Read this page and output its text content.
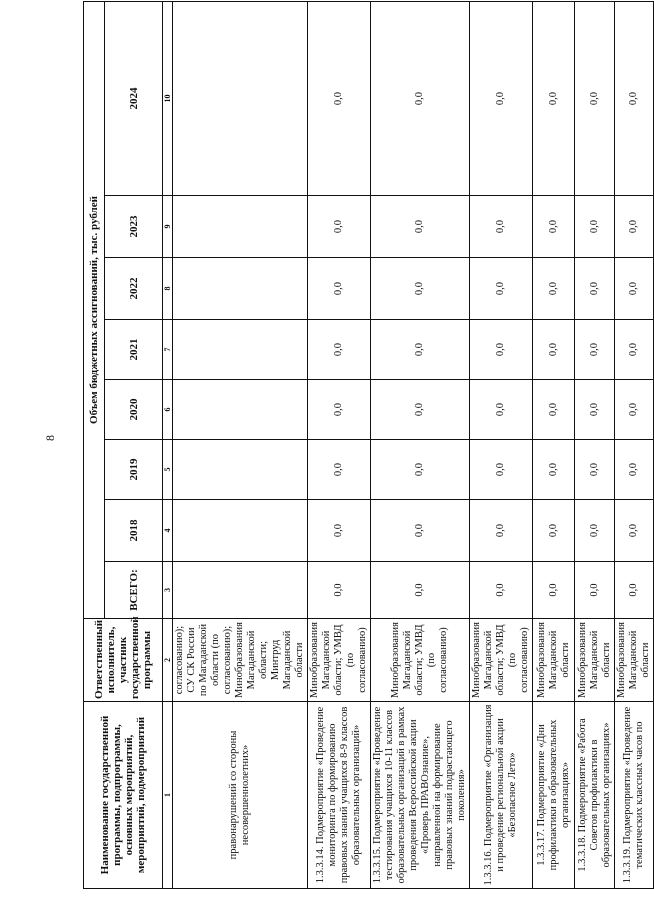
8
Наименование государственной программы, подпрограммы, основных мероприятий, мероприятий, подмероприятий	Ответственный исполнитель, участник государственной программы	Объем бюджетных ассигнований, тыс. рублей							
		ВСЕГО:	2018	2019	2020	2021	2022	2023	2024
1	2	3	4	5	6	7	8	9	10
правонарушений со стороны несовершеннолетних»	согласованию); СУ СК России по Магаданской области (по согласованию); Минобразования Магаданской области; Минтруд Магаданской области								
1.3.3.14. Подмероприятие «Проведение мониторинга по формированию правовых знаний учащихся 8-9 классов образовательных организаций»	Минобразования Магаданской области; УМВД (по согласованию)	0,0	0,0	0,0	0,0	0,0	0,0	0,0	0,0
1.3.3.15. Подмероприятие «Проведение тестирования учащихся 10-11 классов образовательных организаций в рамках проведения Всероссийской акции «Проверь ПРАВОзнание», направленной на формирование правовых знаний подрастающего поколения»	Минобразования Магаданской области; УМВД (по согласованию)	0,0	0,0	0,0	0,0	0,0	0,0	0,0	0,0
1.3.3.16. Подмероприятие «Организация и проведение региональной акции «Безопасное Лето»	Минобразования Магаданской области; УМВД (по согласованию)	0,0	0,0	0,0	0,0	0,0	0,0	0,0	0,0
1.3.3.17. Подмероприятие «Дни профилактики в образовательных организациях»	Минобразования Магаданской области	0,0	0,0	0,0	0,0	0,0	0,0	0,0	0,0
1.3.3.18. Подмероприятие «Работа Советов профилактики в образовательных организациях»	Минобразования Магаданской области	0,0	0,0	0,0	0,0	0,0	0,0	0,0	0,0
1.3.3.19. Подмероприятие «Проведение тематических классных часов по	Минобразования Магаданской области	0,0	0,0	0,0	0,0	0,0	0,0	0,0	0,0
